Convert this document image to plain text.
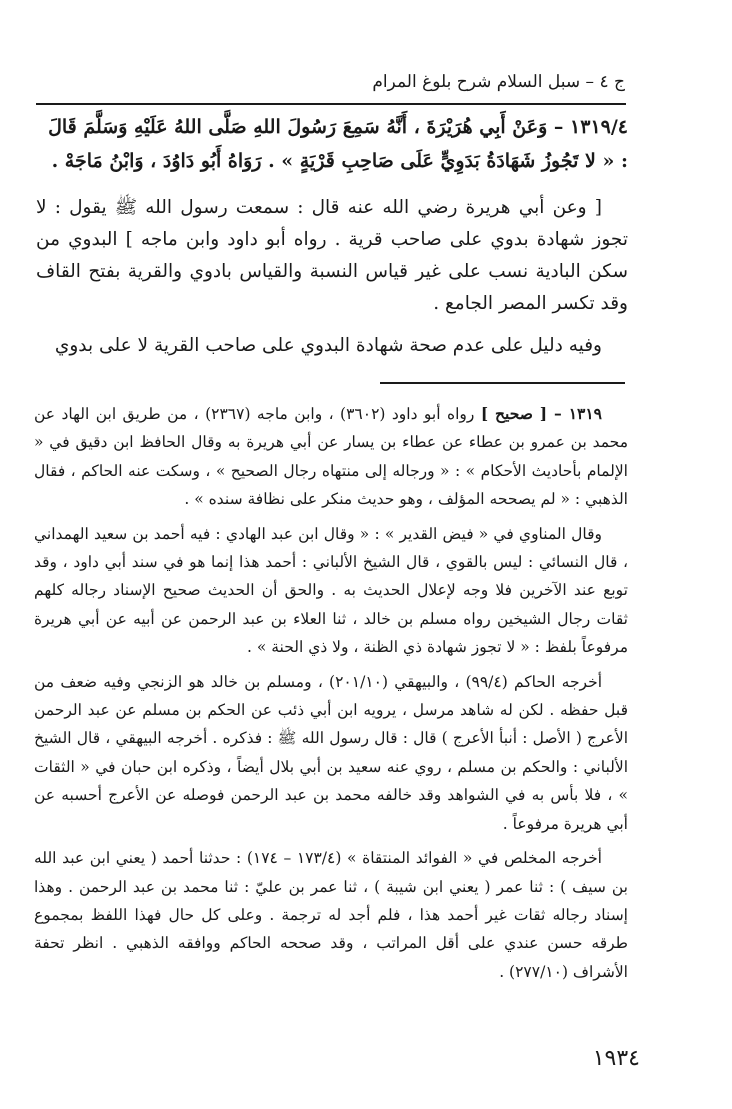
ج ٤ – سبل السلام شرح بلوغ المرام
١٣١٩/٤ – وَعَنْ أَبِي هُرَيْرَةَ ، أَنَّهُ سَمِعَ رَسُولَ اللهِ صَلَّى اللهُ عَلَيْهِ وَسَلَّمَ قَالَ : « لا تَجُوزُ شَهَادَةُ بَدَوِيٍّ عَلَى صَاحِبِ قَرْيَةٍ » . رَوَاهُ أَبُو دَاوُدَ ، وَابْنُ مَاجَهْ .

[ وعن أبي هريرة رضي الله عنه قال : سمعت رسول الله ﷺ يقول : لا تجوز شهادة بدوي على صاحب قرية . رواه أبو داود وابن ماجه ] البدوي من سكن البادية نسب على غير قياس النسبة والقياس بادوي والقرية بفتح القاف وقد تكسر المصر الجامع .

وفيه دليل على عدم صحة شهادة البدوي على صاحب القرية لا على بدوي

١٣١٩ – [ صحيح ] رواه أبو داود (٣٦٠٢) ، وابن ماجه (٢٣٦٧) ، من طريق ابن الهاد عن محمد بن عمرو بن عطاء عن عطاء بن يسار عن أبي هريرة به وقال الحافظ ابن دقيق في « الإلمام بأحاديث الأحكام » : « ورجاله إلى منتهاه رجال الصحيح » ، وسكت عنه الحاكم ، فقال الذهبي : « لم يصححه المؤلف ، وهو حديث منكر على نظافة سنده » .

وقال المناوي في « فيض القدير » : « وقال ابن عبد الهادي : فيه أحمد بن سعيد الهمداني ، قال النسائي : ليس بالقوي ، قال الشيخ الألباني : أحمد هذا إنما هو في سند أبي داود ، وقد توبع عند الآخرين فلا وجه لإعلال الحديث به . والحق أن الحديث صحيح الإسناد رجاله كلهم ثقات رجال الشيخين رواه مسلم بن خالد ، ثنا العلاء بن عبد الرحمن عن أبيه عن أبي هريرة مرفوعاً بلفظ : « لا تجوز شهادة ذي الظنة ، ولا ذي الحنة » .

أخرجه الحاكم (٩٩/٤) ، والبيهقي (٢٠١/١٠) ، ومسلم بن خالد هو الزنجي وفيه ضعف من قبل حفظه . لكن له شاهد مرسل ، يرويه ابن أبي ذئب عن الحكم بن مسلم عن عبد الرحمن الأعرج ( الأصل : أنبأ الأعرج ) قال : قال رسول الله ﷺ : فذكره . أخرجه البيهقي ، قال الشيخ الألباني : والحكم بن مسلم ، روي عنه سعيد بن أبي بلال أيضاً ، وذكره ابن حبان في « الثقات » ، فلا بأس به في الشواهد وقد خالفه محمد بن عبد الرحمن فوصله عن الأعرج أحسبه عن أبي هريرة مرفوعاً .

أخرجه المخلص في « الفوائد المنتقاة » (١٧٣/٤ – ١٧٤) : حدثنا أحمد ( يعني ابن عبد الله بن سيف ) : ثنا عمر ( يعني ابن شيبة ) ، ثنا عمر بن عليّ : ثنا محمد بن عبد الرحمن . وهذا إسناد رجاله ثقات غير أحمد هذا ، فلم أجد له ترجمة . وعلى كل حال فهذا اللفظ بمجموع طرقه حسن عندي على أقل المراتب ، وقد صححه الحاكم ووافقه الذهبي . انظر تحفة الأشراف (٢٧٧/١٠) .

١٩٣٤
